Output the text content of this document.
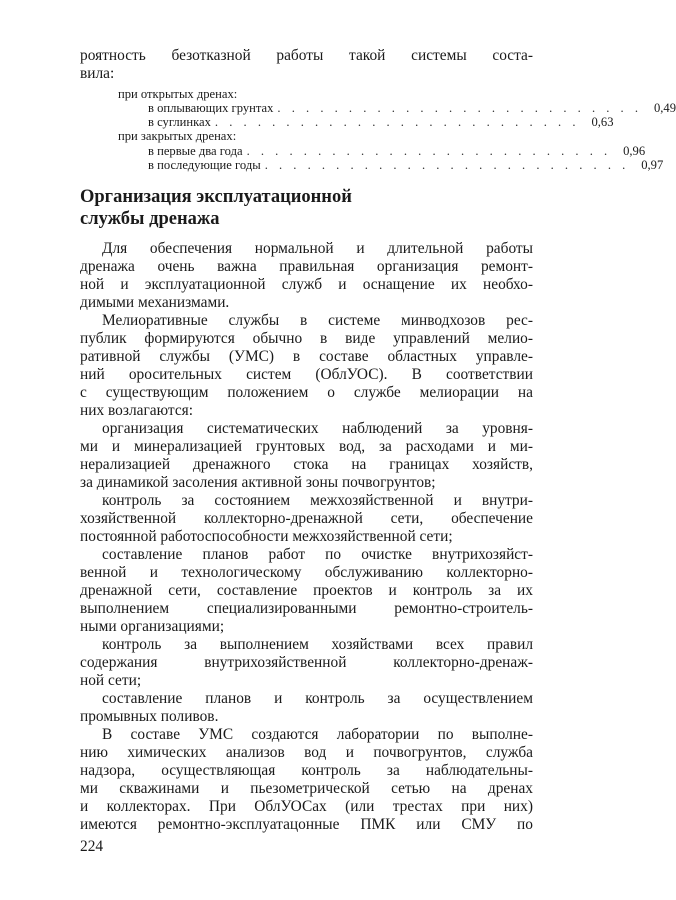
роятность безотказной работы такой системы соста-
вила:
при открытых дренах:
в оплывающих грунтах . . . . . . . . . . . . . . . . . . . . . . . . . . 0,49
в суглинках . . . . . . . . . . . . . . . . . . . . . . . . . . 0,63
при закрытых дренах:
в первые два года . . . . . . . . . . . . . . . . . . . . . . . . . . 0,96
в последующие годы . . . . . . . . . . . . . . . . . . . . . . . . . . 0,97
Организация эксплуатационной
службы дренажа
Для обеспечения нормальной и длительной работы
дренажа очень важна правильная организация ремонт-
ной и эксплуатационной служб и оснащение их необхо-
димыми механизмами.
Мелиоративные службы в системе минводхозов рес-
публик формируются обычно в виде управлений мелио-
ративной службы (УМС) в составе областных управле-
ний оросительных систем (ОблУОС). В соответствии
с существующим положением о службе мелиорации на
них возлагаются:
организация систематических наблюдений за уровня-
ми и минерализацией грунтовых вод, за расходами и ми-
нерализацией дренажного стока на границах хозяйств,
за динамикой засоления активной зоны почвогрунтов;
контроль за состоянием межхозяйственной и внутри-
хозяйственной коллекторно-дренажной сети, обеспечение
постоянной работоспособности межхозяйственной сети;
составление планов работ по очистке внутрихозяйст-
венной и технологическому обслуживанию коллекторно-
дренажной сети, составление проектов и контроль за их
выполнением специализированными ремонтно-строитель-
ными организациями;
контроль за выполнением хозяйствами всех правил
содержания внутрихозяйственной коллекторно-дренаж-
ной сети;
составление планов и контроль за осуществлением
промывных поливов.
В составе УМС создаются лаборатории по выполне-
нию химических анализов вод и почвогрунтов, служба
надзора, осуществляющая контроль за наблюдательны-
ми скважинами и пьезометрической сетью на дренах
и коллекторах. При ОблУОСах (или трестах при них)
имеются ремонтно-эксплуатацонные ПМК или СМУ по
224
